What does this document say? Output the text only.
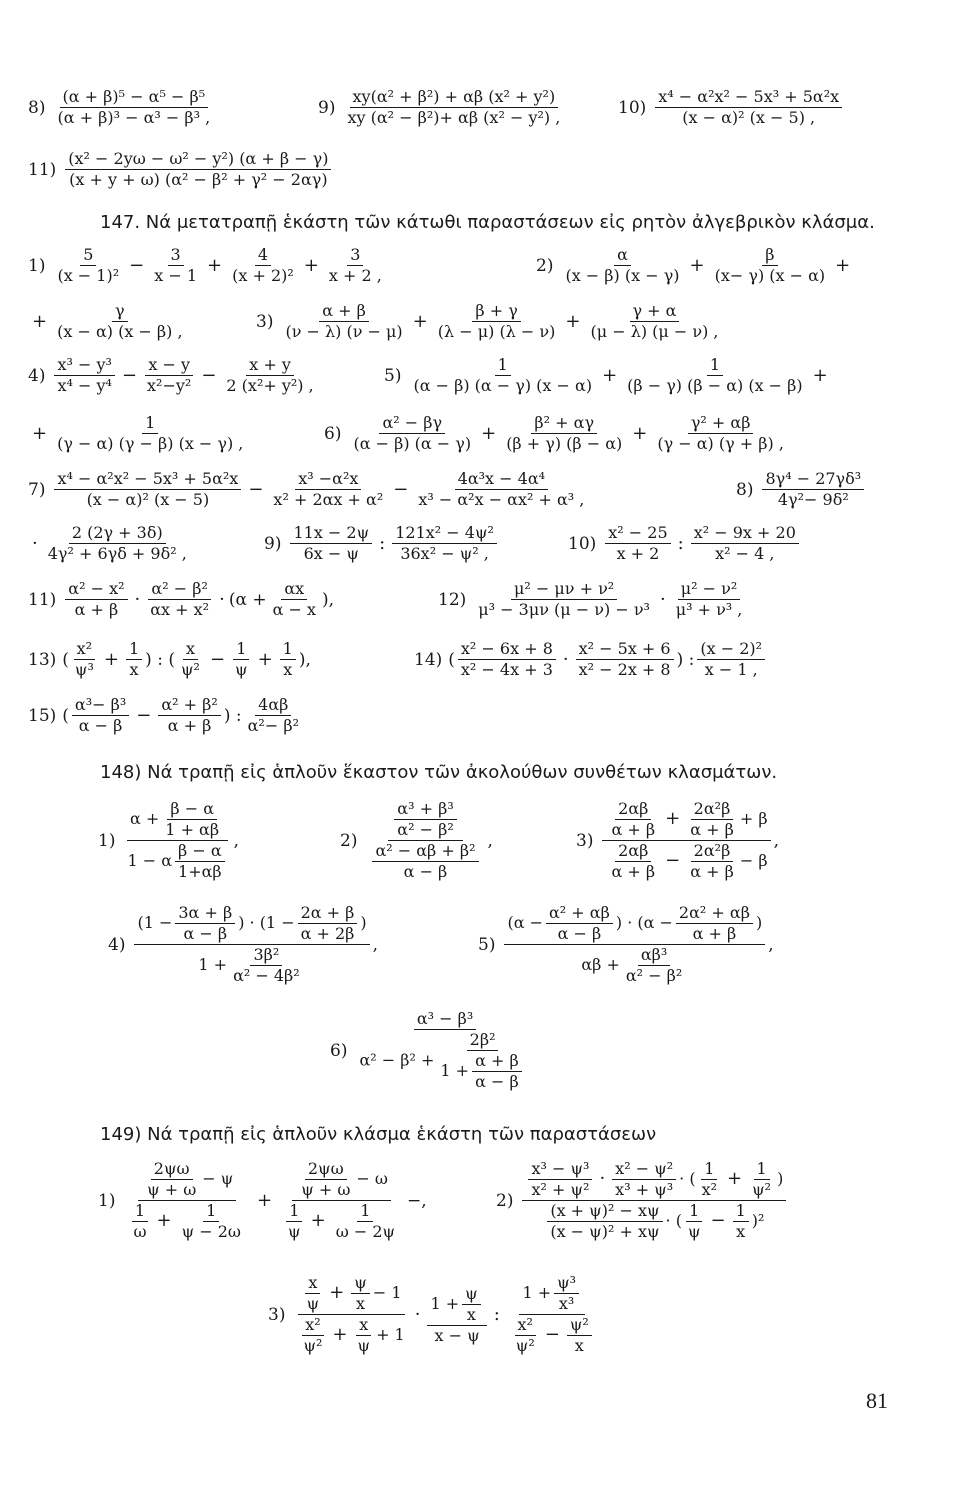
$8) \frac{\text{(α + β)⁵ − α⁵ − β⁵}}{\text{(α + β)³ − α³ − β³ ,}}$	$9) \frac{\text{xy(α² + β²) + αβ (x² + y²)}}{\text{xy (α² − β²)+ αβ (x² − y²) ,}}$	$10) \frac{\text{x⁴ − α²x² − 5x³ + 5α²x}}{\text{(x − α)² (x − 5) ,}}$
$11) \frac{\text{(x² − 2yω − ω² − y²) (α + β − γ)}}{\text{(x + y + ω) (α² − β² + γ² − 2αγ)}}$
147. Νά μετατραπῇ ἑκάστη τῶν κάτωθι παραστάσεων εἰς ρητὸν ἀλγεβρικὸν κλάσμα.
$1) \frac{5}{\text{(x − 1)²}} - \frac{3}{x - 1} + \frac{4}{\text{(x + 2)²}} + \frac{3}{x + 2 ,}$	$2) \frac{\alpha}{(x - \beta) (x - \gamma)} + \frac{\beta}{(x- \gamma) (x - \alpha)}$ +
+ $\frac{\gamma}{(x - \alpha) (x - \beta) ,}$	$3) \frac{\alpha + \beta}{(\nu - \lambda) (\nu - \mu)} + \frac{\beta + \gamma}{(\lambda - \mu) (\lambda - \nu)} + \frac{\gamma + \alpha}{(\mu - \lambda) (\mu - \nu) ,}$
$4) \frac{\text{x³ − y³}}{\text{x⁴ − y⁴}} - \frac{x - y}{\text{x²−y²}} - \frac{x + y}{\text{2 (x²+ y²) ,}}$	$5) \frac{1}{(\alpha - \beta) (\alpha - \gamma) (x - \alpha)} + \frac{1}{(\beta - \gamma) (\beta - \alpha) (x - \beta)}$ +
+ $\frac{1}{(\gamma - \alpha) (\gamma - \beta) (x - \gamma) ,}$	$6) \frac{\text{α² − βγ}}{(\alpha - \beta) (\alpha - \gamma)} + \frac{\text{β² + αγ}}{(\beta + \gamma) (\beta - \alpha)} + \frac{\text{γ² + αβ}}{(\gamma - \alpha) (\gamma + \beta) ,}$
$7) \frac{\text{x⁴ − α²x² − 5x³ + 5α²x}}{\text{(x − α)² (x − 5)}} - \frac{\text{x³ −α²x}}{\text{x² + 2αx + α²}} - \frac{\text{4α³x − 4α⁴}}{\text{x³ − α²x − αx² + α³ ,}}$	$8) \frac{\text{8γ⁴ − 27γδ³}}{\text{4γ²− 9δ²}}$
· $\frac{2 (2\gamma + 3\delta)}{\text{4γ² + 6γδ + 9δ² ,}}$	$9) \frac{11x - 2\psi}{6x - \psi}$ : $\frac{\text{121x² − 4ψ²}}{\text{36x² − ψ² ,}}$	$10) \frac{\text{x² − 25}}{x + 2}$ : $\frac{\text{x² − 9x + 20}}{\text{x² − 4 ,}}$
$11) \frac{\text{α² − x²}}{\alpha + \beta} \cdot \frac{\text{α² − β²}}{\text{αx + x²}} \cdot (\alpha + \frac{\alpha x}{\alpha - x}$ ),	$12) \frac{\text{μ² − μν + ν²}}{\text{μ³ − 3μν (μ − ν) − ν³}} \cdot \frac{\text{μ² − ν²}}{\text{μ³ + ν³ ,}}$
13) ( $\frac{\text{x²}}{\text{ψ³}} + \frac{1}{x}$ ) : ( $\frac{x}{\text{ψ²}} - \frac{1}{\psi} + \frac{1}{x}$ ),	14) ( $\frac{\text{x² − 6x + 8}}{\text{x² − 4x + 3}} \cdot \frac{\text{x² − 5x + 6}}{\text{x² − 2x + 8}}$ ) : $\frac{\text{(x − 2)²}}{x - 1 ,}$
15) ( $\frac{\text{α³− β³}}{\alpha - \beta} - \frac{\text{α² + β²}}{\alpha + \beta}$ ) : $\frac{4\alpha\beta}{\text{α²− β²}}$
148) Νά τραπῇ εἰς ἁπλοῦν ἕκαστον τῶν ἀκολούθων συνθέτων κλασμάτων.
$1) \frac{\alpha + \frac{\beta - \alpha}{1 + \alpha\beta}}{1 - \alpha \frac{\beta - \alpha}{1+\alpha\beta}}$ ,	$2) \frac{\frac{\text{α³ + β³}}{\text{α² − β²}}}{\frac{\text{α² − αβ + β²}}{\alpha - \beta}}$ ,	$3) \frac{\frac{2\alpha\beta}{\alpha + \beta} + \frac{\text{2α²β}}{\alpha + \beta} + \beta}{\frac{2\alpha\beta}{\alpha + \beta} - \frac{\text{2α²β}}{\alpha + \beta} - \beta}$ ,
$4) \frac{(1 - \frac{3\alpha + \beta}{\alpha - \beta} ) \cdot (1 - \frac{2\alpha + \beta}{\alpha + 2\beta} )}{1 + \frac{\text{3β²}}{\text{α² − 4β²}}}$ ,	$5) \frac{(\alpha - \frac{\text{α² + αβ}}{\alpha - \beta} ) \cdot (\alpha - \frac{\text{2α² + αβ}}{\alpha + \beta} )}{\alpha\beta + \frac{\text{αβ³}}{\text{α² − β²}}}$ ,
$6) \frac{\text{α³ − β³}}{\alpha^2 - \beta^2 + \frac{\text{2β²}}{1 + \frac{\alpha + \beta}{\alpha - \beta}}}$
149) Νά τραπῇ εἰς ἁπλοῦν κλάσμα ἑκάστη τῶν παραστάσεων
$1) \frac{\frac{2\psi\omega}{\psi + \omega} - \psi}{\frac{1}{\omega} + \frac{1}{\psi - 2\omega}} + \frac{\frac{2\psi\omega}{\psi + \omega} - \omega}{\frac{1}{\psi} + \frac{1}{\omega - 2\psi}}$ −,	$2) \frac{\frac{\text{x³ − ψ³}}{\text{x² + ψ²}} \cdot \frac{\text{x² − ψ²}}{\text{x³ + ψ³}} \cdot ( \frac{1}{\text{x²}} + \frac{1}{\text{ψ²}} )}{\frac{\text{(x + ψ)² − xψ}}{\text{(x − ψ)² + xψ}} \cdot ( \frac{1}{\psi} - \frac{1}{x} )^2}$
$3) \frac{\frac{x}{\psi} + \frac{\psi}{x} - 1}{\frac{\text{x²}}{\text{ψ²}} + \frac{x}{\psi} + 1} \cdot \frac{1 + \frac{\psi}{x}}{x - \psi}$ : $\frac{1 + \frac{\text{ψ³}}{\text{x³}}}{\frac{\text{x²}}{\text{ψ²}} - \frac{\text{ψ²}}{x}}$
81
